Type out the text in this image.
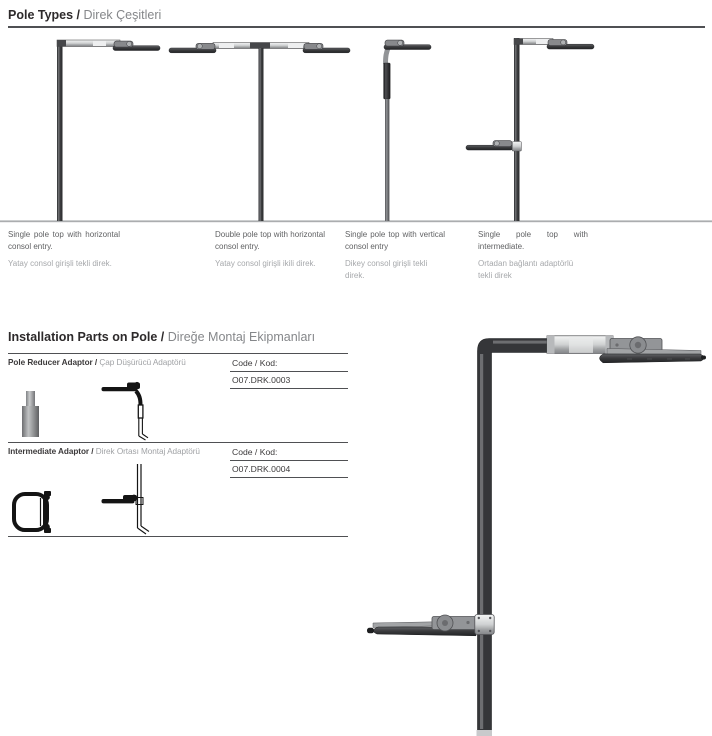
Pole Types / Direk Çeşitleri

Single pole top with horizontal consol entry.

Yatay consol girişli tekli direk.

Double pole top with horizontal consol entry.

Yatay consol girişli ikili direk.

Single pole top with vertical consol entry

Dikey consol girişli tekli direk.

Single pole top with intermediate.

Ortadan bağlantı adaptörlü tekli direk

Installation Parts on Pole / Direğe Montaj Ekipmanları
Pole Reducer Adaptor / Çap Düşürücü Adaptörü	Code / Kod:
O07.DRK.0003
Intermediate Adaptor / Direk Ortası Montaj Adaptörü	Code / Kod:
O07.DRK.0004
